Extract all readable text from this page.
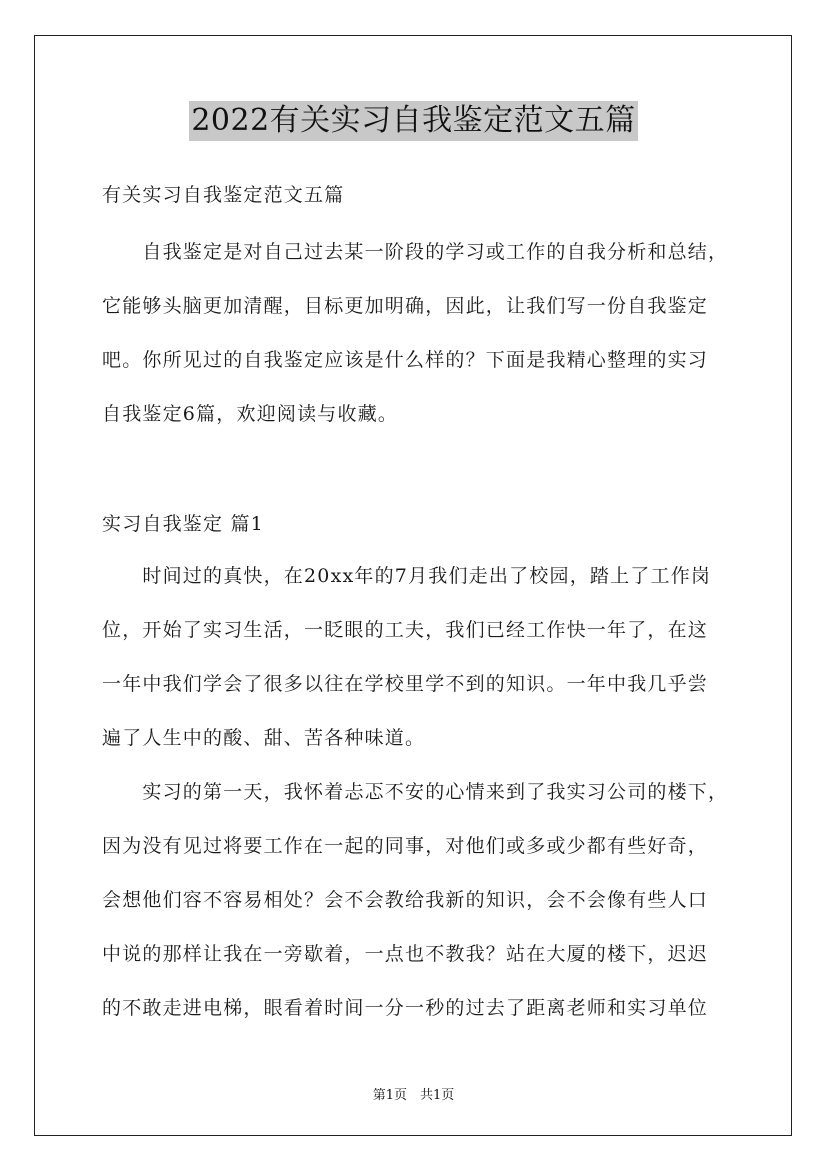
2022有关实习自我鉴定范文五篇
有关实习自我鉴定范文五篇
　　自我鉴定是对自己过去某一阶段的学习或工作的自我分析和总结，
它能够头脑更加清醒，目标更加明确，因此，让我们写一份自我鉴定
吧。你所见过的自我鉴定应该是什么样的？下面是我精心整理的实习
自我鉴定6篇，欢迎阅读与收藏。
实习自我鉴定 篇1
　　时间过的真快，在20xx年的7月我们走出了校园，踏上了工作岗
位，开始了实习生活，一眨眼的工夫，我们已经工作快一年了，在这
一年中我们学会了很多以往在学校里学不到的知识。一年中我几乎尝
遍了人生中的酸、甜、苦各种味道。
　　实习的第一天，我怀着忐忑不安的心情来到了我实习公司的楼下，
因为没有见过将要工作在一起的同事，对他们或多或少都有些好奇，
会想他们容不容易相处？会不会教给我新的知识，会不会像有些人口
中说的那样让我在一旁歇着，一点也不教我？站在大厦的楼下，迟迟
的不敢走进电梯，眼看着时间一分一秒的过去了距离老师和实习单位
第1页　共1页
